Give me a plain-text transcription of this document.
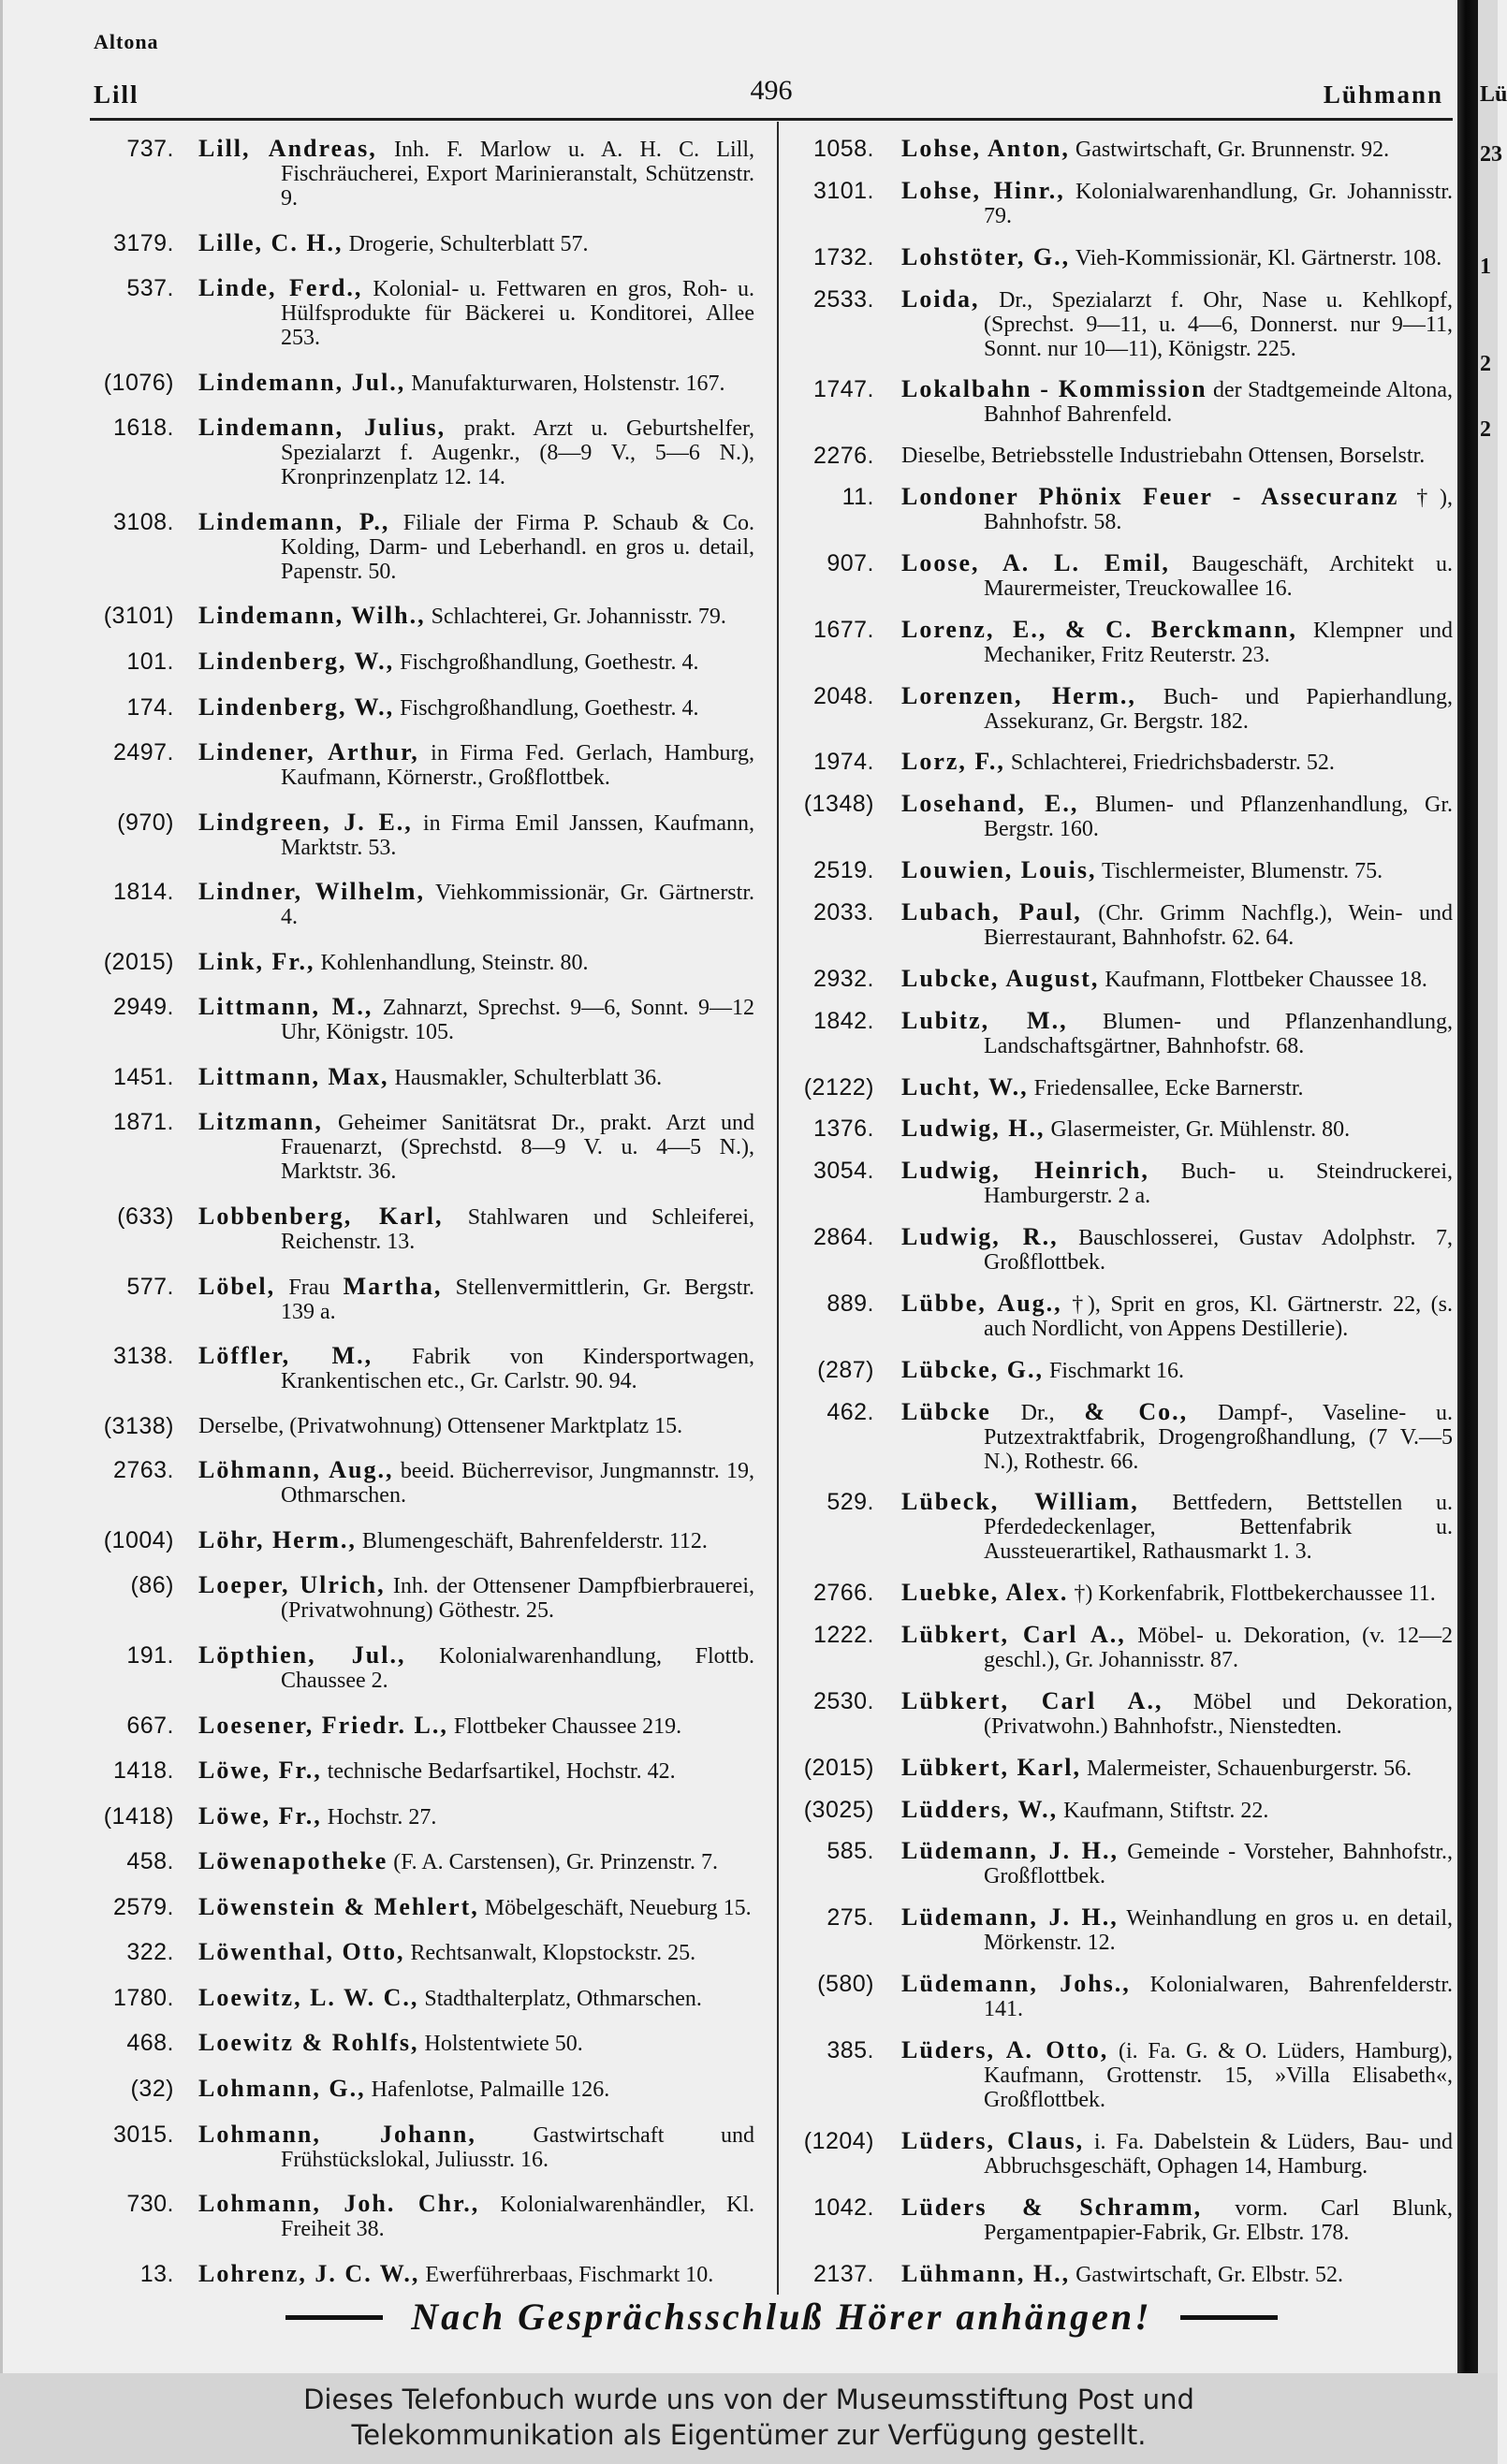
Altona
Lill	496	Lühmann
737. Lill, Andreas, Inh. F. Marlow u. A. H. C. Lill, Fischräucherei, Export Marinieranstalt, Schützenstr. 9.
3179. Lille, C. H., Drogerie, Schulterblatt 57.
537. Linde, Ferd., Kolonial- u. Fettwaren en gros, Roh- u. Hülfsprodukte für Bäckerei u. Konditorei, Allee 253.
(1076) Lindemann, Jul., Manufakturwaren, Holstenstr. 167.
1618. Lindemann, Julius, prakt. Arzt u. Geburtshelfer, Spezialarzt f. Augenkr., (8—9 V., 5—6 N.), Kronprinzenplatz 12. 14.
3108. Lindemann, P., Filiale der Firma P. Schaub & Co. Kolding, Darm- und Leberhandl. en gros u. detail, Papenstr. 50.
(3101) Lindemann, Wilh., Schlachterei, Gr. Johannisstr. 79.
101. Lindenberg, W., Fischgroßhandlung, Goethestr. 4.
174. Lindenberg, W., Fischgroßhandlung, Goethestr. 4.
2497. Lindener, Arthur, in Firma Fed. Gerlach, Hamburg, Kaufmann, Körnerstr., Großflottbek.
(970) Lindgreen, J. E., in Firma Emil Janssen, Kaufmann, Marktstr. 53.
1814. Lindner, Wilhelm, Viehkommissionär, Gr. Gärtnerstr. 4.
(2015) Link, Fr., Kohlenhandlung, Steinstr. 80.
2949. Littmann, M., Zahnarzt, Sprechst. 9—6, Sonnt. 9—12 Uhr, Königstr. 105.
1451. Littmann, Max, Hausmakler, Schulterblatt 36.
1871. Litzmann, Geheimer Sanitätsrat Dr., prakt. Arzt und Frauenarzt, (Sprechstd. 8—9 V. u. 4—5 N.), Marktstr. 36.
(633) Lobbenberg, Karl, Stahlwaren und Schleiferei, Reichenstr. 13.
577. Löbel, Frau Martha, Stellenvermittlerin, Gr. Bergstr. 139 a.
3138. Löffler, M., Fabrik von Kindersportwagen, Krankentischen etc., Gr. Carlstr. 90. 94.
(3138) Derselbe, (Privatwohnung) Ottensener Marktplatz 15.
2763. Löhmann, Aug., beeid. Bücherrevisor, Jungmannstr. 19, Othmarschen.
(1004) Löhr, Herm., Blumengeschäft, Bahrenfelderstr. 112.
(86) Loeper, Ulrich, Inh. der Ottensener Dampfbierbrauerei, (Privatwohnung) Göthestr. 25.
191. Löpthien, Jul., Kolonialwarenhandlung, Flottb. Chaussee 2.
667. Loesener, Friedr. L., Flottbeker Chaussee 219.
1418. Löwe, Fr., technische Bedarfsartikel, Hochstr. 42.
(1418) Löwe, Fr., Hochstr. 27.
458. Löwenapotheke (F. A. Carstensen), Gr. Prinzenstr. 7.
2579. Löwenstein & Mehlert, Möbelgeschäft, Neueburg 15.
322. Löwenthal, Otto, Rechtsanwalt, Klopstockstr. 25.
1780. Loewitz, L. W. C., Stadthalterplatz, Othmarschen.
468. Loewitz & Rohlfs, Holstentwiete 50.
(32) Lohmann, G., Hafenlotse, Palmaille 126.
3015. Lohmann, Johann,	Gastwirtschaft und Frühstückslokal, Juliusstr. 16.
730. Lohmann, Joh. Chr., Kolonialwarenhändler, Kl. Freiheit 38.
13. Lohrenz, J. C. W., Ewerführerbaas, Fischmarkt 10.
1058. Lohse, Anton, Gastwirtschaft, Gr. Brunnenstr. 92.
3101. Lohse, Hinr., Kolonialwarenhandlung, Gr. Johannisstr. 79.
1732. Lohstöter, G., Vieh-Kommissionär, Kl. Gärtnerstr. 108.
2533. Loida, Dr., Spezialarzt f. Ohr, Nase u. Kehlkopf, (Sprechst. 9—11, u. 4—6, Donnerst. nur 9—11, Sonnt. nur 10—11), Königstr. 225.
1747. Lokalbahn - Kommission der Stadtgemeinde Altona, Bahnhof Bahrenfeld.
2276. Dieselbe, Betriebsstelle Industriebahn Ottensen, Borselstr.
11. Londoner Phönix Feuer - Assecuranz †), Bahnhofstr. 58.
907. Loose, A. L. Emil, Baugeschäft, Architekt u. Maurermeister, Treuckowallee 16.
1677. Lorenz, E., & C. Berckmann, Klempner und Mechaniker, Fritz Reuterstr. 23.
2048. Lorenzen, Herm., Buch- und Papierhandlung, Assekuranz, Gr. Bergstr. 182.
1974. Lorz, F., Schlachterei, Friedrichsbaderstr. 52.
(1348) Losehand, E., Blumen- und Pflanzenhandlung, Gr. Bergstr. 160.
2519. Louwien, Louis, Tischlermeister, Blumenstr. 75.
2033. Lubach, Paul, (Chr. Grimm Nachflg.), Wein- und Bierrestaurant, Bahnhofstr. 62. 64.
2932. Lubcke, August, Kaufmann, Flottbeker Chaussee 18.
1842. Lubitz, M., Blumen- und Pflanzenhandlung, Landschaftsgärtner, Bahnhofstr. 68.
(2122) Lucht, W., Friedensallee, Ecke Barnerstr.
1376. Ludwig, H., Glasermeister, Gr. Mühlenstr. 80.
3054. Ludwig, Heinrich, Buch- u. Steindruckerei, Hamburgerstr. 2 a.
2864. Ludwig, R., Bauschlosserei, Gustav Adolphstr. 7, Großflottbek.
889. Lübbe, Aug., †), Sprit en gros, Kl. Gärtnerstr. 22, (s. auch Nordlicht, von Appens Destillerie).
(287) Lübcke, G., Fischmarkt 16.
462. Lübcke Dr., & Co., Dampf-, Vaseline- u. Putzextraktfabrik, Drogengroßhandlung, (7 V.—5 N.), Rothestr. 66.
529. Lübeck, William, Bettfedern, Bettstellen u. Pferdedeckenlager, Bettenfabrik u. Aussteuerartikel, Rathausmarkt 1. 3.
2766. Luebke, Alex. †) Korkenfabrik, Flottbekerchaussee 11.
1222. Lübkert, Carl A., Möbel- u. Dekoration, (v. 12—2 geschl.), Gr. Johannisstr. 87.
2530. Lübkert, Carl A., Möbel und Dekoration, (Privatwohn.) Bahnhofstr., Nienstedten.
(2015) Lübkert, Karl, Malermeister, Schauenburgerstr. 56.
(3025) Lüdders, W., Kaufmann, Stiftstr. 22.
585. Lüdemann, J. H., Gemeinde - Vorsteher, Bahnhofstr., Großflottbek.
275. Lüdemann, J. H., Weinhandlung en gros u. en detail, Mörkenstr. 12.
(580) Lüdemann, Johs., Kolonialwaren, Bahrenfelderstr. 141.
385. Lüders, A. Otto, (i. Fa. G. & O. Lüders, Hamburg), Kaufmann, Grottenstr. 15, »Villa Elisabeth«, Großflottbek.
(1204) Lüders, Claus, i. Fa. Dabelstein & Lüders, Bau- und Abbruchsgeschäft, Ophagen 14, Hamburg.
1042. Lüders & Schramm, vorm. Carl Blunk, Pergamentpapier-Fabrik, Gr. Elbstr. 178.
2137. Lühmann, H., Gastwirtschaft, Gr. Elbstr. 52.
Lü
23
1
2
2
Nach Gesprächsschluß Hörer anhängen!
Dieses Telefonbuch wurde uns von der Museumsstiftung Post und
Telekommunikation als Eigentümer zur Verfügung gestellt.
